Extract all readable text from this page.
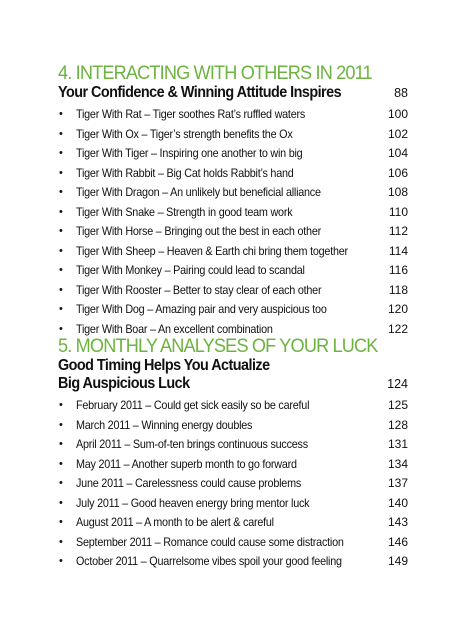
4. INTERACTING WITH OTHERS IN 2011
Your Confidence & Winning Attitude Inspires	88
• Tiger With Rat – Tiger soothes Rat’s ruffled waters	100
• Tiger With Ox – Tiger’s strength benefits the Ox	102
• Tiger With Tiger – Inspiring one another to win big	104
• Tiger With Rabbit – Big Cat holds Rabbit’s hand	106
• Tiger With Dragon – An unlikely but beneficial alliance	108
• Tiger With Snake – Strength in good team work	110
• Tiger With Horse – Bringing out the best in each other	112
• Tiger With Sheep – Heaven & Earth chi bring them together	114
• Tiger With Monkey – Pairing could lead to scandal	116
• Tiger With Rooster – Better to stay clear of each other	118
• Tiger With Dog – Amazing pair and very auspicious too	120
• Tiger With Boar – An excellent combination	122
5. MONTHLY ANALYSES OF YOUR LUCK
Good Timing Helps You Actualize
Big Auspicious Luck	124
• February 2011 – Could get sick easily so be careful	125
• March 2011 – Winning energy doubles	128
• April 2011 – Sum-of-ten brings continuous success	131
• May 2011 – Another superb month to go forward	134
• June 2011 – Carelessness could cause problems	137
• July 2011 – Good heaven energy bring mentor luck	140
• August 2011 – A month to be alert & careful	143
• September 2011 – Romance could cause some distraction	146
• October 2011 – Quarrelsome vibes spoil your good feeling	149
